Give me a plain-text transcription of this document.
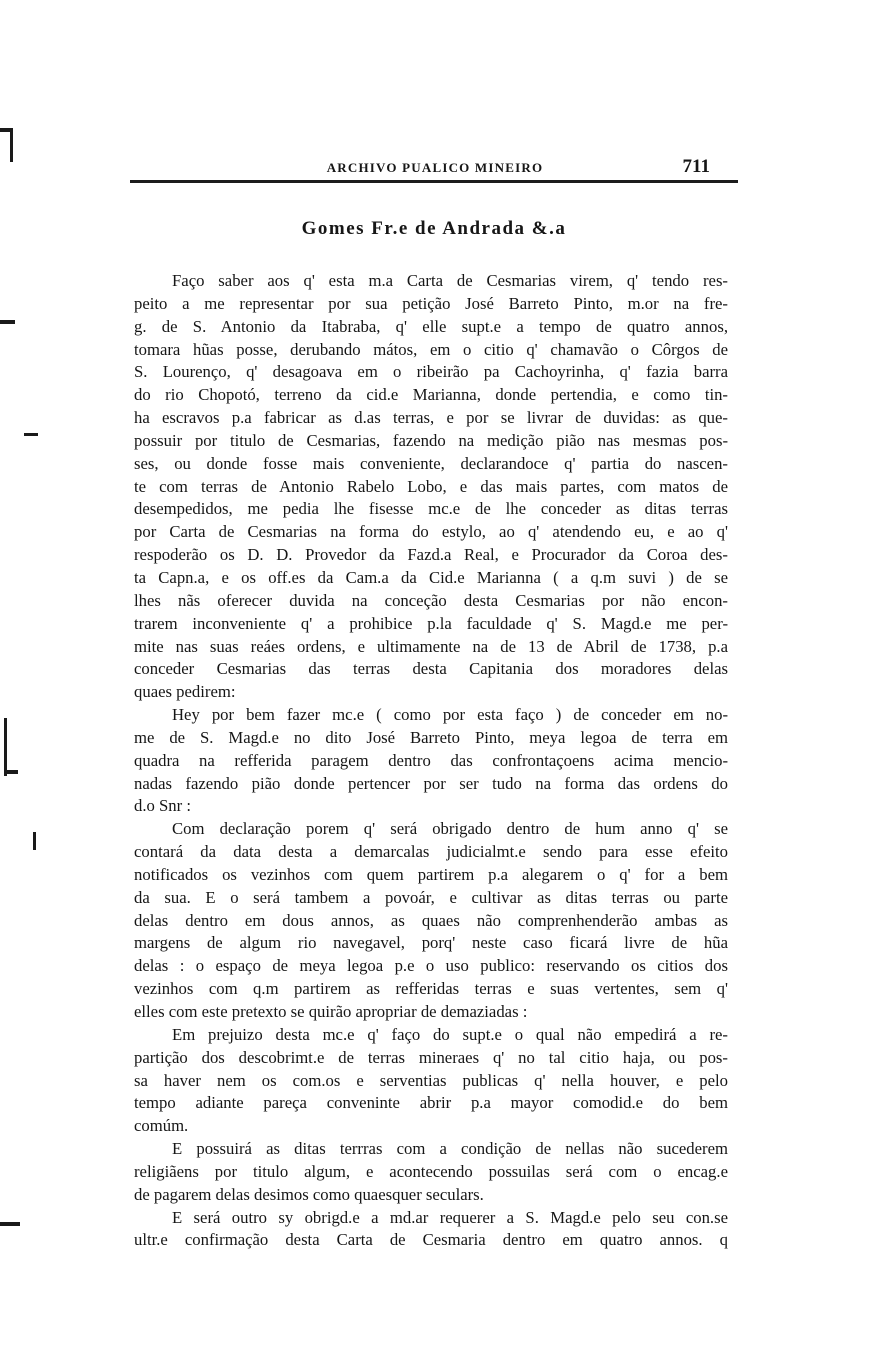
ARCHIVO PUALICO MINEIRO	711
Gomes Fr.e de Andrada &.a
Faço saber aos q' esta m.a Carta de Cesmarias virem, q' tendo res-
peito a me representar por sua petição José Barreto Pinto, m.or na fre-
g. de S. Antonio da Itabraba, q' elle supt.e a tempo de quatro annos,
tomara hũas posse, derubando mátos, em o citio q' chamavão o Côrgos de
S. Lourenço, q' desagoava em o ribeirão pa Cachoyrinha, q' fazia barra
do rio Chopotó, terreno da cid.e Marianna, donde pertendia, e como tin-
ha escravos p.a fabricar as d.as terras, e por se livrar de duvidas: as que-
possuir por titulo de Cesmarias, fazendo na medição pião nas mesmas pos-
ses, ou donde fosse mais conveniente, declarandoce q' partia do nascen-
te com terras de Antonio Rabelo Lobo, e das mais partes, com matos de
desempedidos, me pedia lhe fisesse mc.e de lhe conceder as ditas terras
por Carta de Cesmarias na forma do estylo, ao q' atendendo eu, e ao q'
respoderão os D. D. Provedor da Fazd.a Real, e Procurador da Coroa des-
ta Capn.a, e os off.es da Cam.a da Cid.e Marianna ( a q.m suvi ) de se
lhes nãs oferecer duvida na conceção desta Cesmarias por não encon-
trarem inconveniente q' a prohibice p.la faculdade q' S. Magd.e me per-
mite nas suas reáes ordens, e ultimamente na de 13 de Abril de 1738, p.a
conceder Cesmarias das terras desta Capitania dos moradores delas
quaes pedirem:
Hey por bem fazer mc.e ( como por esta faço ) de conceder em no-
me de S. Magd.e no dito José Barreto Pinto, meya legoa de terra em
quadra na refferida paragem dentro das confrontaçoens acima mencio-
nadas fazendo pião donde pertencer por ser tudo na forma das ordens do
d.o Snr :
Com declaração porem q' será obrigado dentro de hum anno q' se
contará da data desta a demarcalas judicialmt.e sendo para esse efeito
notificados os vezinhos com quem partirem p.a alegarem o q' for a bem
da sua. E o será tambem a povoár, e cultivar as ditas terras ou parte
delas dentro em dous annos, as quaes não comprenhenderão ambas as
margens de algum rio navegavel, porq' neste caso ficará livre de hũa
delas : o espaço de meya legoa p.e o uso publico: reservando os citios dos
vezinhos com q.m partirem as refferidas terras e suas vertentes, sem q'
elles com este pretexto se quirão apropriar de demaziadas :
Em prejuizo desta mc.e q' faço do supt.e o qual não empedirá a re-
partição dos descobrimt.e de terras mineraes q' no tal citio haja, ou pos-
sa haver nem os com.os e serventias publicas q' nella houver, e pelo
tempo adiante pareça conveninte abrir p.a mayor comodid.e do bem
comúm.
E possuirá as ditas terrras com a condição de nellas não sucederem
religiãens por titulo algum, e acontecendo possuilas será com o encag.e
de pagarem delas desimos como quaesquer seculars.
E será outro sy obrigd.e a md.ar requerer a S. Magd.e pelo seu con.se
ultr.e confirmação desta Carta de Cesmaria dentro em quatro annos. q
